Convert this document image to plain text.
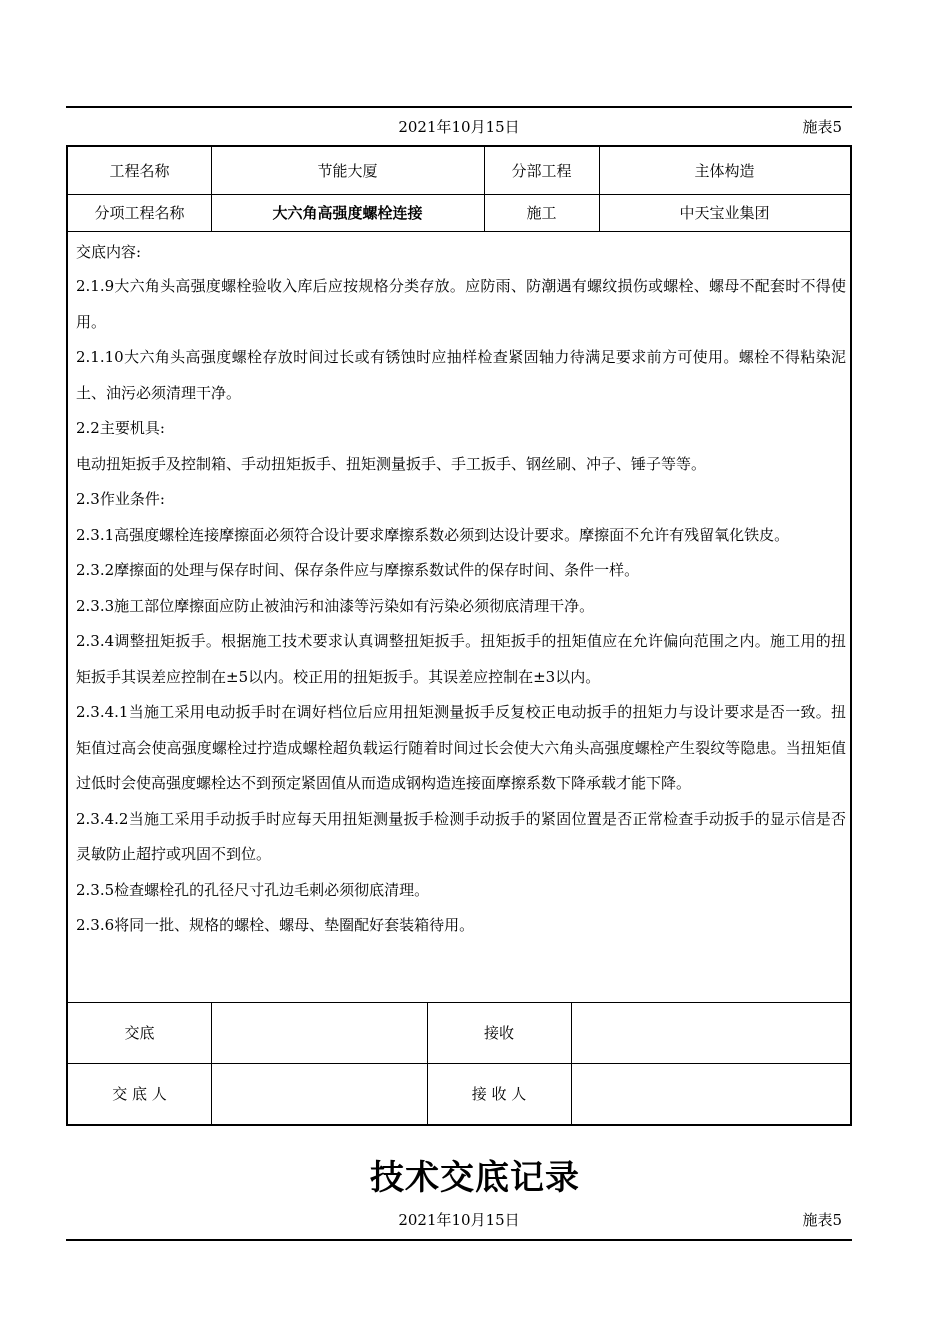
2021年10月15日	施表5
工程名称	节能大厦	分部工程	主体构造
分项工程名称	大六角高强度螺栓连接	施工	中天宝业集团
交底内容:

2.1.9大六角头高强度螺栓验收入库后应按规格分类存放。应防雨、防潮遇有螺纹损伤或螺栓、螺母不配套时不得使用。

2.1.10大六角头高强度螺栓存放时间过长或有锈蚀时应抽样检查紧固轴力待满足要求前方可使用。螺栓不得粘染泥土、油污必须清理干净。

2.2主要机具:

电动扭矩扳手及控制箱、手动扭矩扳手、扭矩测量扳手、手工扳手、钢丝刷、冲子、锤子等等。

2.3作业条件:

2.3.1高强度螺栓连接摩擦面必须符合设计要求摩擦系数必须到达设计要求。摩擦面不允许有残留氧化铁皮。

2.3.2摩擦面的处理与保存时间、保存条件应与摩擦系数试件的保存时间、条件一样。

2.3.3施工部位摩擦面应防止被油污和油漆等污染如有污染必须彻底清理干净。

2.3.4调整扭矩扳手。根据施工技术要求认真调整扭矩扳手。扭矩扳手的扭矩值应在允许偏向范围之内。施工用的扭矩扳手其误差应控制在±5以内。校正用的扭矩扳手。其误差应控制在±3以内。

2.3.4.1当施工采用电动扳手时在调好档位后应用扭矩测量扳手反复校正电动扳手的扭矩力与设计要求是否一致。扭矩值过高会使高强度螺栓过拧造成螺栓超负载运行随着时间过长会使大六角头高强度螺栓产生裂纹等隐患。当扭矩值过低时会使高强度螺栓达不到预定紧固值从而造成钢构造连接面摩擦系数下降承载才能下降。

2.3.4.2当施工采用手动扳手时应每天用扭矩测量扳手检测手动扳手的紧固位置是否正常检查手动扳手的显示信是否灵敏防止超拧或巩固不到位。

2.3.5检查螺栓孔的孔径尺寸孔边毛刺必须彻底清理。

2.3.6将同一批、规格的螺栓、螺母、垫圈配好套装箱待用。

交底	接收
交 底 人	接 收 人
技术交底记录
2021年10月15日	施表5
